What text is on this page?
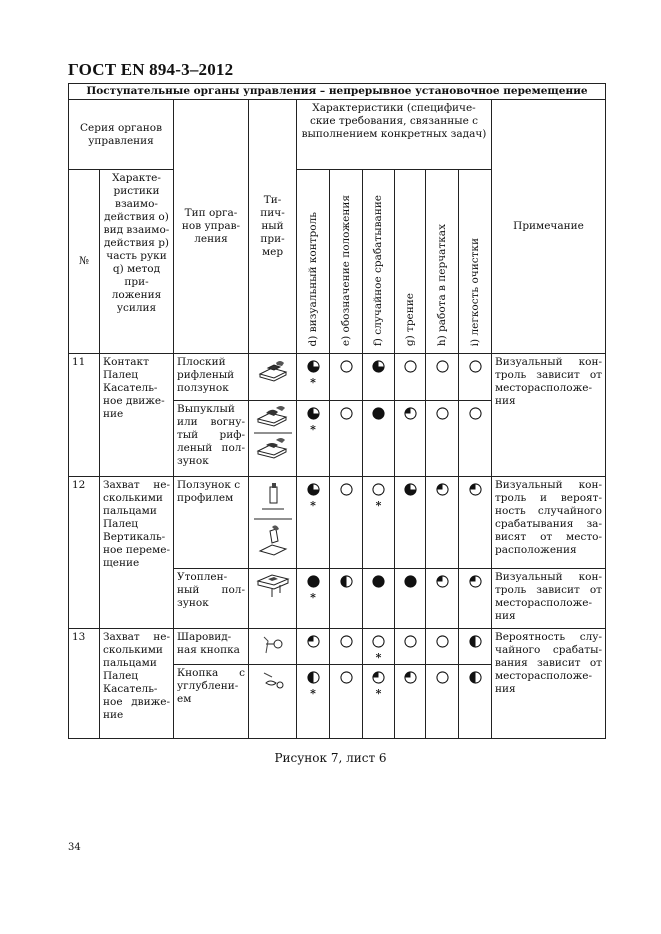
ГОСТ EN 894-3–2012
Поступательные органы управления – непрерывное установочное перемещение										
Серия органов управления		Тип орга-нов управ-ления	Ти-пич-ный при-мер	Характеристики (специфиче-ские требования, связанные с выполнением конкретных задач)						Примечание
№	Характе-ристики взаимо-действия о) вид взаимо-действия p) часть руки q) метод при-ложения усилия			d) визуальный контроль	e) обозначение положения	f) случайное срабатывание	g) трение	h) работа в перчатках	i) легкость очистки	
11	Контакт Палец Касатель-ное движе-ние	Плоский рифленый ползунок		*						Визуальный кон-троль зависит от месторасположе-ния
		Выпуклый или вогну-тый риф-леный пол-зунок		*

12	Захват не-сколькими пальцами Палец Вертикаль-ное переме-щение	Ползунок с профилем		*		*				Визуальный кон-троль и вероят-ность случайного срабатывания за-висят от место-расположения
		Утоплен-ный пол-зунок		*						Визуальный кон-троль зависит от месторасположе-ния
13	Захват не-сколькими пальцами Палец Касатель-ное движе-ние	Шаровид-ная кнопка				*				Вероятность слу-чайного срабаты-вания зависит от месторасположе-ния
		Кнопка с углублени-ем		*		*

Рисунок 7, лист 6
34
